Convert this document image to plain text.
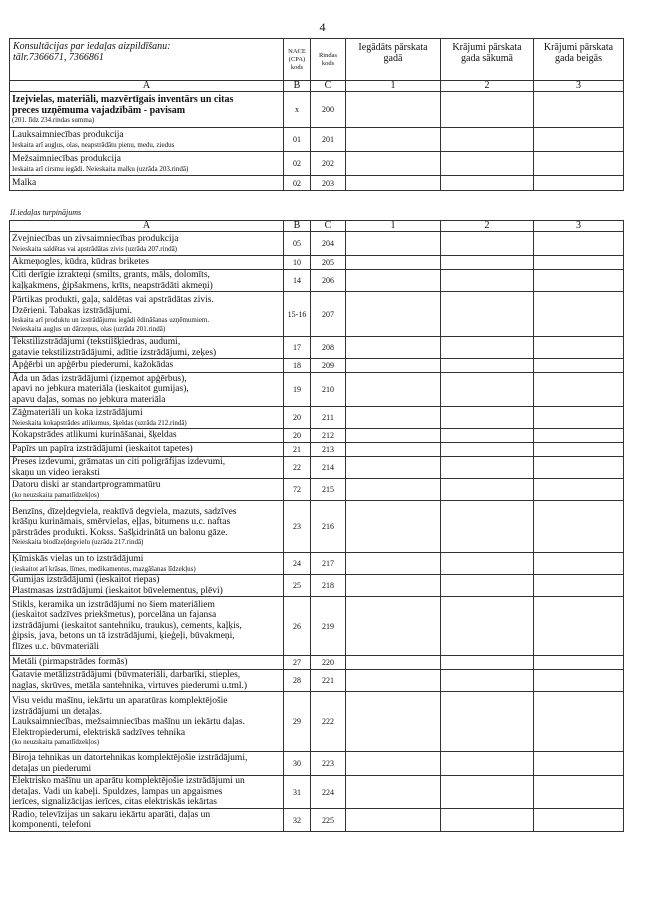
4
Konsultācijas par iedaļas aizpildīšanu:
tālr.7366671, 7366861	NACE (CPA) kods	Rindas kods	Iegādāts pārskata gadā	Krājumi pārskata gada sākumā	Krājumi pārskata gada beigās
A	B	C	1	2	3

Izejvielas, materiāli, mazvērtīgais inventārs un citas
preces uzņēmuma vajadzībām - pavisam
(201. līdz 234.rindas summa)	x	200			

Lauksaimniecības produkcija
Ieskaita arī augļus, olas, neapstrādātu pienu, medu, ziedus	01	201			

Mežsaimniecības produkcija
Ieskaita arī cirsmu iegādi. Neieskaita malku (uzrāda 203.rindā)	02	202			

Malka	02	203			
II.iedaļas turpinājums
A	B	C	1	2	3

Zvejniecības un zivsaimniecības produkcija
Neieskaita saldētas vai apstrādātas zivis (uzrāda 207.rindā)	05	204			

Akmeņogles, kūdra, kūdras briketes	10	205			

Citi derīgie izrakteņi (smilts, grants, māls, dolomīts,
kaļķakmens, ģipšakmens, krīts, neapstrādāti akmeņi)	14	206			

Pārtikas produkti, gaļa, saldētas vai apstrādātas zivis.
Dzērieni. Tabakas izstrādājumi.
Ieskaita arī produktu un izstrādājumu iegādi ēdināšanas uzņēmumiem.
Neieskaita augļus un dārzeņus, olas (uzrāda 201.rindā)	15-16	207			

Tekstilizstrādājumi (tekstilšķiedras, audumi,
gatavie tekstilizstrādājumi, adītie izstrādājumi, zeķes)	17	208			

Apģērbi un apģērbu piederumi, kažokādas	18	209			

Āda un ādas izstrādājumi (izņemot apģērbus),
apavi no jebkura materiāla (ieskaitot gumijas),
apavu daļas, somas no jebkura materiāla	19	210			

Zāģmateriāli un koka izstrādājumi
Neieskaita kokapstrādes atlikumus, šķeldas (uzrāda 212.rindā)	20	211			

Kokapstrādes atlikumi kurināšanai, šķeldas	20	212			

Papīrs un papīra izstrādājumi (ieskaitot tapetes)	21	213			

Preses izdevumi, grāmatas un citi poligrāfijas izdevumi,
skaņu un video ieraksti	22	214			

Datoru diski ar standartprogrammatūru
(ko neuzskaita pamatlīdzekļos)	72	215			

Benzīns, dīzeļdegviela, reaktīvā degviela, mazuts, sadzīves
krāšņu kurināmais, smērvielas, eļļas, bitumens u.c. naftas
pārstrādes produkti. Kokss. Sašķidrinātā un balonu gāze.
Neieskaita biodīzeļdegvielu (uzrāda 217.rindā)	23	216			

Ķīmiskās vielas un to izstrādājumi
(ieskaitot arī krāsas, līmes, medikamentus, mazgāšanas līdzekļus)	24	217			

Gumijas izstrādājumi (ieskaitot riepas)
Plastmasas izstrādājumi (ieskaitot būvelementus, plēvi)	25	218			

Stikls, keramika un izstrādājumi no šiem materiāliem
(ieskaitot sadzīves priekšmetus), porcelāna un fajansa
izstrādājumi (ieskaitot santehniku, traukus), cements, kaļķis,
ģipsis, java, betons un tā izstrādājumi, ķieģeļi, būvakmeņi,
flīzes u.c. būvmateriāli	26	219			

Metāli (pirmapstrādes formās)	27	220			

Gatavie metālizstrādājumi (būvmateriāli, darbarīki, stieples,
naglas, skrūves, metāla santehnika, virtuves piederumi u.tml.)	28	221			

Visu veidu mašīnu, iekārtu un aparatūras komplektējošie
izstrādājumi un detaļas.
Lauksaimniecības, mežsaimniecības mašīnu un iekārtu daļas.
Elektropiederumi, elektriskā sadzīves tehnika
(ko neuzskaita pamatlīdzekļos)	29	222			

Biroja tehnikas un datortehnikas komplektējošie izstrādājumi,
detaļas un piederumi	30	223			

Elektrisko mašīnu un aparātu komplektējošie izstrādājumi un
detaļas. Vadi un kabeļi. Spuldzes, lampas un apgaismes
ierīces, signalizācijas ierīces, citas elektriskās iekārtas	31	224			

Radio, televīzijas un sakaru iekārtu aparāti, daļas un
komponenti, telefoni	32	225			
